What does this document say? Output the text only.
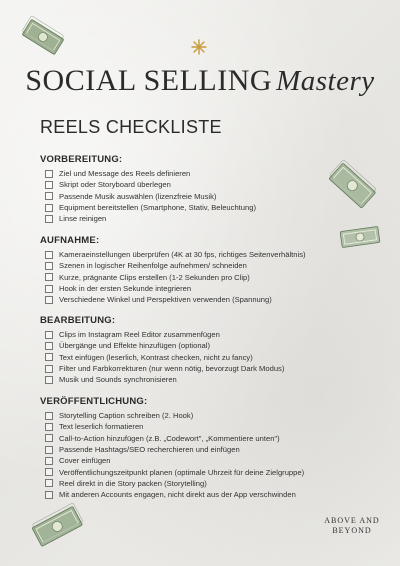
SOCIAL SELLING Mastery
REELS CHECKLISTE
VORBEREITUNG:
Ziel und Message des Reels definieren
Skript oder Storyboard überlegen
Passende Musik auswählen (lizenzfreie Musik)
Equipment bereitstellen (Smartphone, Stativ, Beleuchtung)
Linse reinigen
AUFNAHME:
Kameraeinstellungen überprüfen (4K at 30 fps, richtiges Seitenverhältnis)
Szenen in logischer Reihenfolge aufnehmen/ schneiden
Kurze, prägnante Clips erstellen (1-2 Sekunden pro Clip)
Hook in der ersten Sekunde integrieren
Verschiedene Winkel und Perspektiven verwenden (Spannung)
BEARBEITUNG:
Clips im Instagram Reel Editor zusammenfügen
Übergänge und Effekte hinzufügen (optional)
Text einfügen (leserlich, Kontrast checken, nicht zu fancy)
Filter und Farbkorrekturen (nur wenn nötig, bevorzugt Dark Modus)
Musik und Sounds synchronisieren
VERÖFFENTLICHUNG:
Storytelling Caption schreiben (2. Hook)
Text leserlich formatieren
Call-to-Action hinzufügen (z.B. „Codewort", „Kommentiere unten")
Passende Hashtags/SEO recherchieren und einfügen
Cover einfügen
Veröffentlichungszeitpunkt planen (optimale Uhrzeit für deine Zielgruppe)
Reel direkt in die Story packen (Storytelling)
Mit anderen Accounts engagen, nicht direkt aus der App verschwinden
ABOVE AND
BEYOND
